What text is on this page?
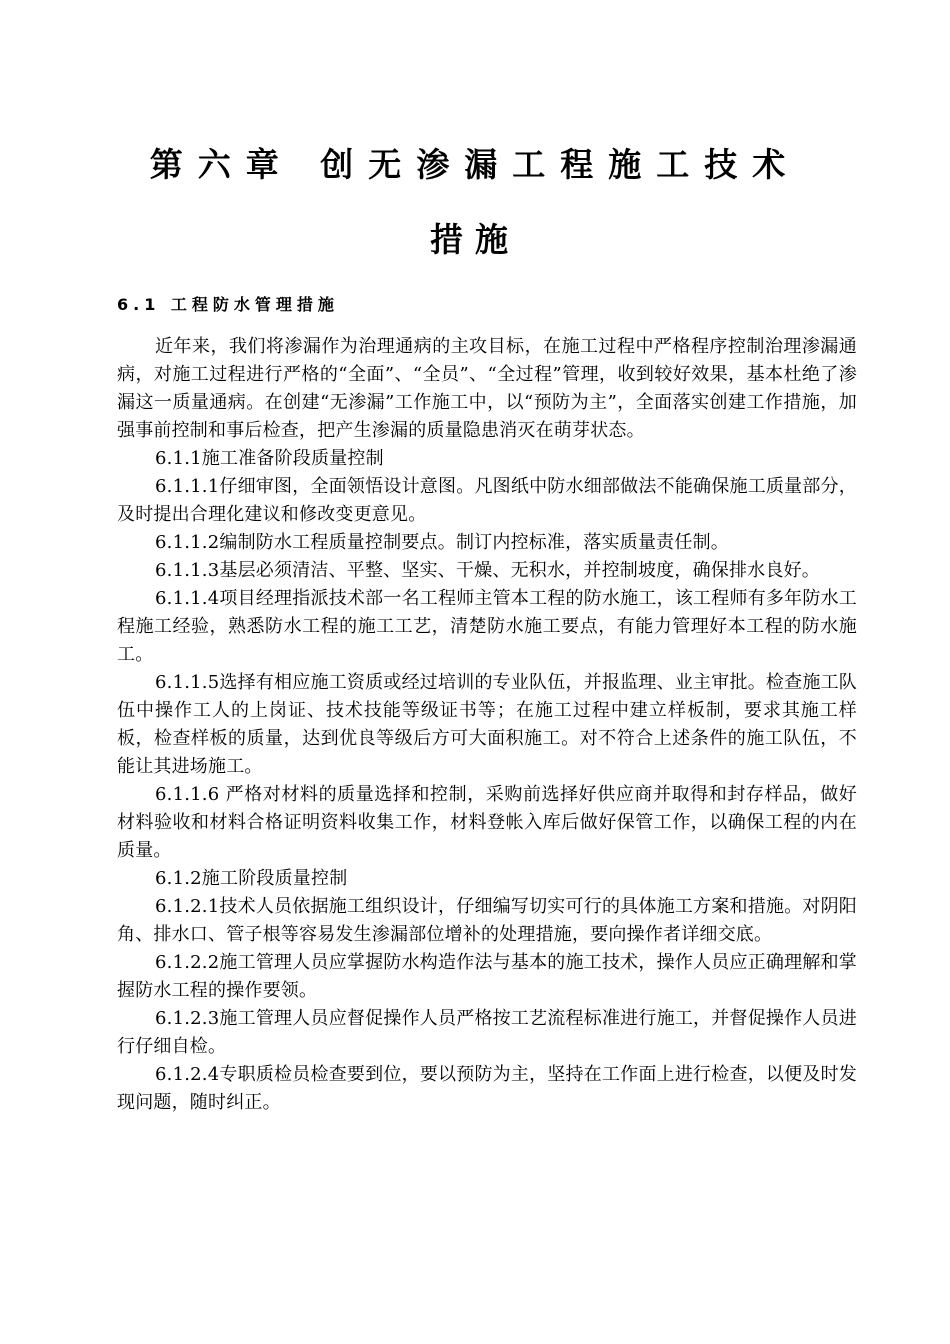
第六章 创无渗漏工程施工技术
措施
6.1 工程防水管理措施

近年来，我们将渗漏作为治理通病的主攻目标，在施工过程中严格程序控制治理渗漏通病，对施工过程进行严格的“全面”、“全员”、“全过程”管理，收到较好效果，基本杜绝了渗漏这一质量通病。在创建“无渗漏”工作施工中，以“预防为主”，全面落实创建工作措施，加强事前控制和事后检查，把产生渗漏的质量隐患消灭在萌芽状态。

6.1.1施工准备阶段质量控制

6.1.1.1仔细审图，全面领悟设计意图。凡图纸中防水细部做法不能确保施工质量部分，及时提出合理化建议和修改变更意见。

6.1.1.2编制防水工程质量控制要点。制订内控标准，落实质量责任制。

6.1.1.3基层必须清洁、平整、坚实、干燥、无积水，并控制坡度，确保排水良好。

6.1.1.4项目经理指派技术部一名工程师主管本工程的防水施工，该工程师有多年防水工程施工经验，熟悉防水工程的施工工艺，清楚防水施工要点，有能力管理好本工程的防水施工。

6.1.1.5选择有相应施工资质或经过培训的专业队伍，并报监理、业主审批。检查施工队伍中操作工人的上岗证、技术技能等级证书等；在施工过程中建立样板制，要求其施工样板，检查样板的质量，达到优良等级后方可大面积施工。对不符合上述条件的施工队伍，不能让其进场施工。

6.1.1.6 严格对材料的质量选择和控制，采购前选择好供应商并取得和封存样品，做好材料验收和材料合格证明资料收集工作，材料登帐入库后做好保管工作，以确保工程的内在质量。

6.1.2施工阶段质量控制

6.1.2.1技术人员依据施工组织设计，仔细编写切实可行的具体施工方案和措施。对阴阳角、排水口、管子根等容易发生渗漏部位增补的处理措施，要向操作者详细交底。

6.1.2.2施工管理人员应掌握防水构造作法与基本的施工技术，操作人员应正确理解和掌握防水工程的操作要领。

6.1.2.3施工管理人员应督促操作人员严格按工艺流程标准进行施工，并督促操作人员进行仔细自检。

6.1.2.4专职质检员检查要到位，要以预防为主，坚持在工作面上进行检查，以便及时发现问题，随时纠正。
